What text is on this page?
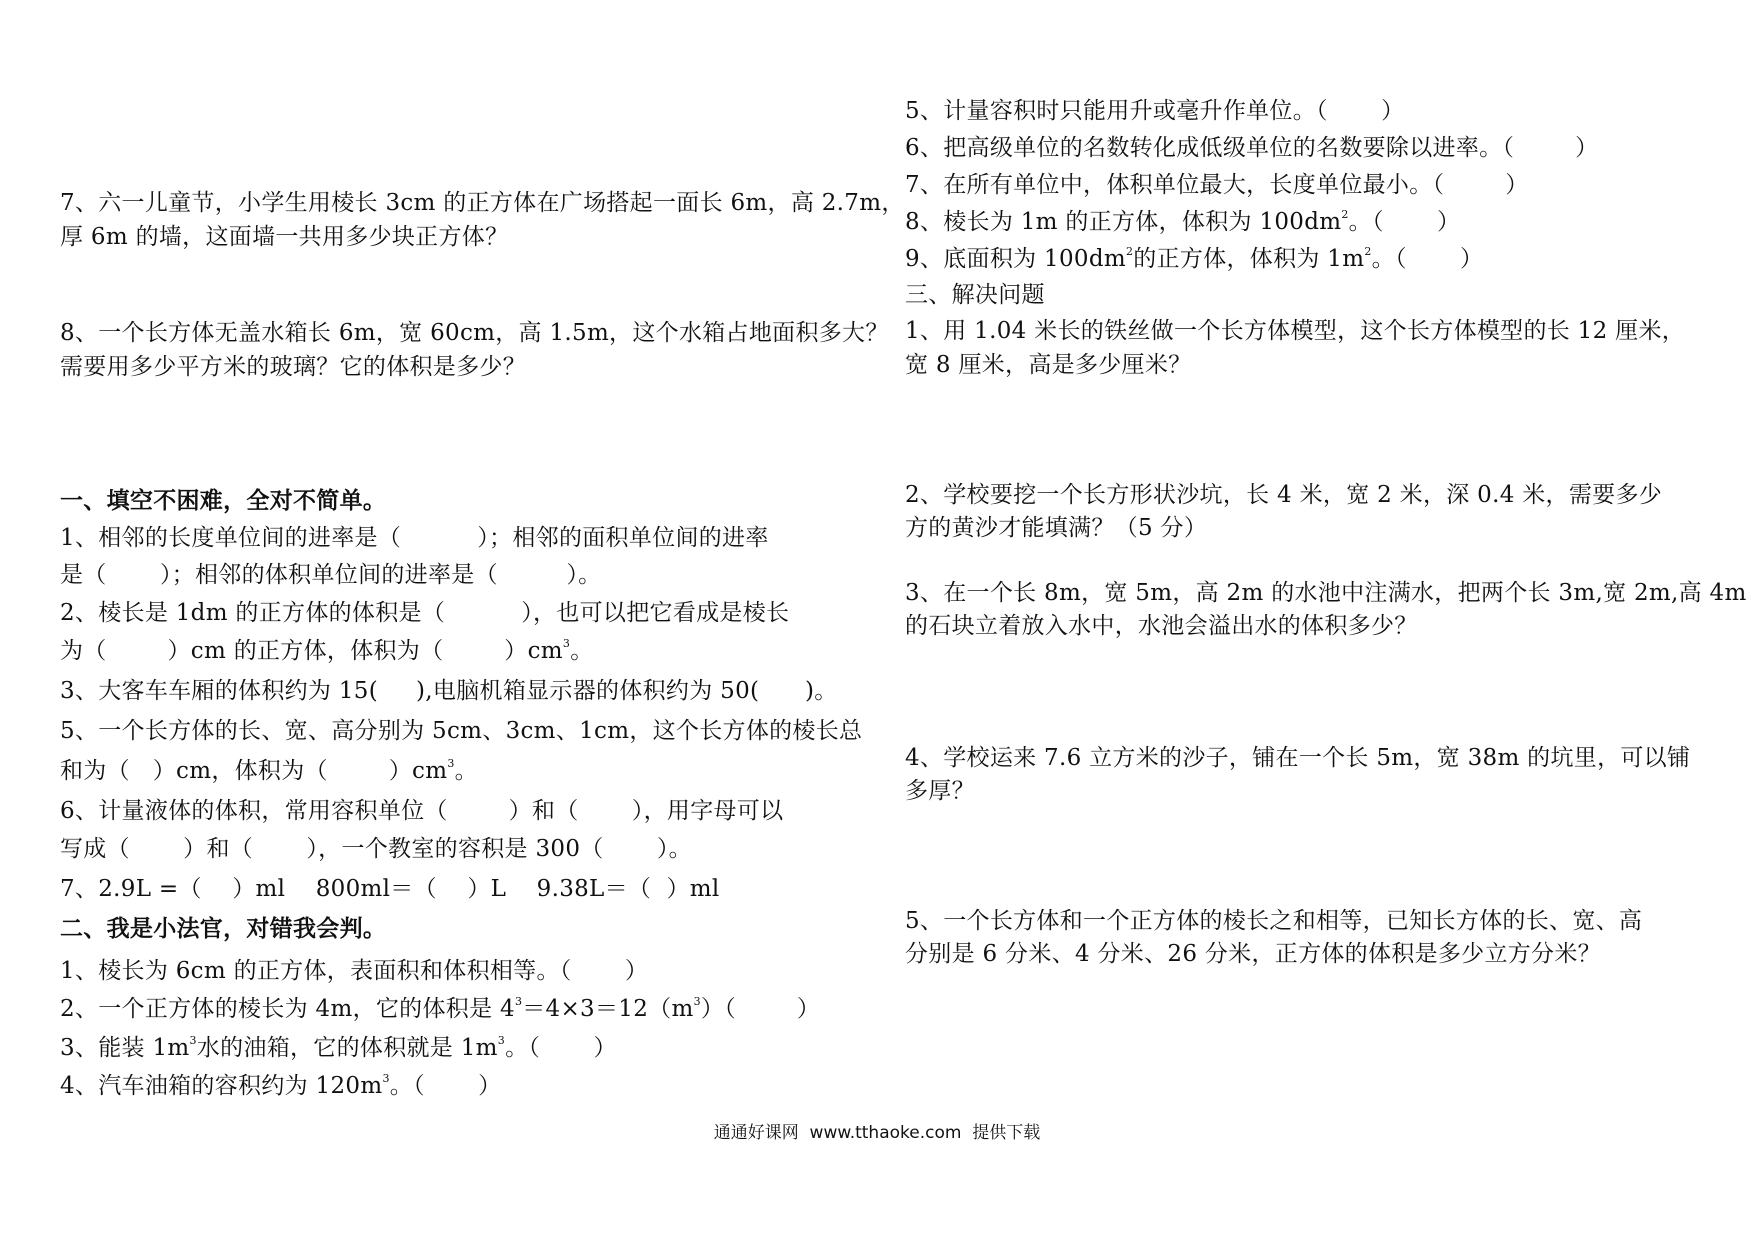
7、六一儿童节，小学生用棱长 3cm 的正方体在广场搭起一面长 6m，高 2.7m，
厚 6m 的墙，这面墙一共用多少块正方体？
8、一个长方体无盖水箱长 6m，宽 60cm，高 1.5m，这个水箱占地面积多大？
需要用多少平方米的玻璃？它的体积是多少？
一、填空不困难，全对不简单。
1、相邻的长度单位间的进率是（          ）；相邻的面积单位间的进率
是（       ）；相邻的体积单位间的进率是（         ）。
2、棱长是 1dm 的正方体的体积是（          ），也可以把它看成是棱长
为（        ）cm 的正方体，体积为（        ）$cm^3$。
3、大客车车厢的体积约为 15(     ),电脑机箱显示器的体积约为 50(      )。
5、一个长方体的长、宽、高分别为 5cm、3cm、1cm，这个长方体的棱长总
和为（   ）cm，体积为（        ）$cm^3$。
6、计量液体的体积，常用容积单位（        ）和（       ），用字母可以
写成（       ）和（       ），一个教室的容积是 300（       ）。
7、2.9L =（    ）ml    800ml＝（    ）L    9.38L＝（  ）ml
二、我是小法官，对错我会判。
1、棱长为 6cm 的正方体，表面积和体积相等。（       ）
2、一个正方体的棱长为 4m，它的体积是 $4^3=4\times 3=12(m^3)$（        ）
3、能装 $1m^3$水的油箱，它的体积就是 $1m^3$。（       ）
4、汽车油箱的容积约为 $120m^3$。（       ）
5、计量容积时只能用升或毫升作单位。（       ）
6、把高级单位的名数转化成低级单位的名数要除以进率。（        ）
7、在所有单位中，体积单位最大，长度单位最小。（        ）
8、棱长为 1m 的正方体，体积为 $100dm^2$。（       ）
9、底面积为 $100dm^2$的正方体，体积为 $1m^2$。（       ）
三、解决问题
1、用 1.04 米长的铁丝做一个长方体模型，这个长方体模型的长 12 厘米，
宽 8 厘米，高是多少厘米？
2、学校要挖一个长方形状沙坑，长 4 米，宽 2 米，深 0.4 米，需要多少
方的黄沙才能填满？（5 分）
3、在一个长 8m，宽 5m，高 2m 的水池中注满水，把两个长 3m,宽 2m,高 4m
的石块立着放入水中，水池会溢出水的体积多少？
4、学校运来 7.6 立方米的沙子，铺在一个长 5m，宽 38m 的坑里，可以铺
多厚？
5、一个长方体和一个正方体的棱长之和相等，已知长方体的长、宽、高
分别是 6 分米、4 分米、26 分米，正方体的体积是多少立方分米？
通通好课网  www.tthaoke.com  提供下载
